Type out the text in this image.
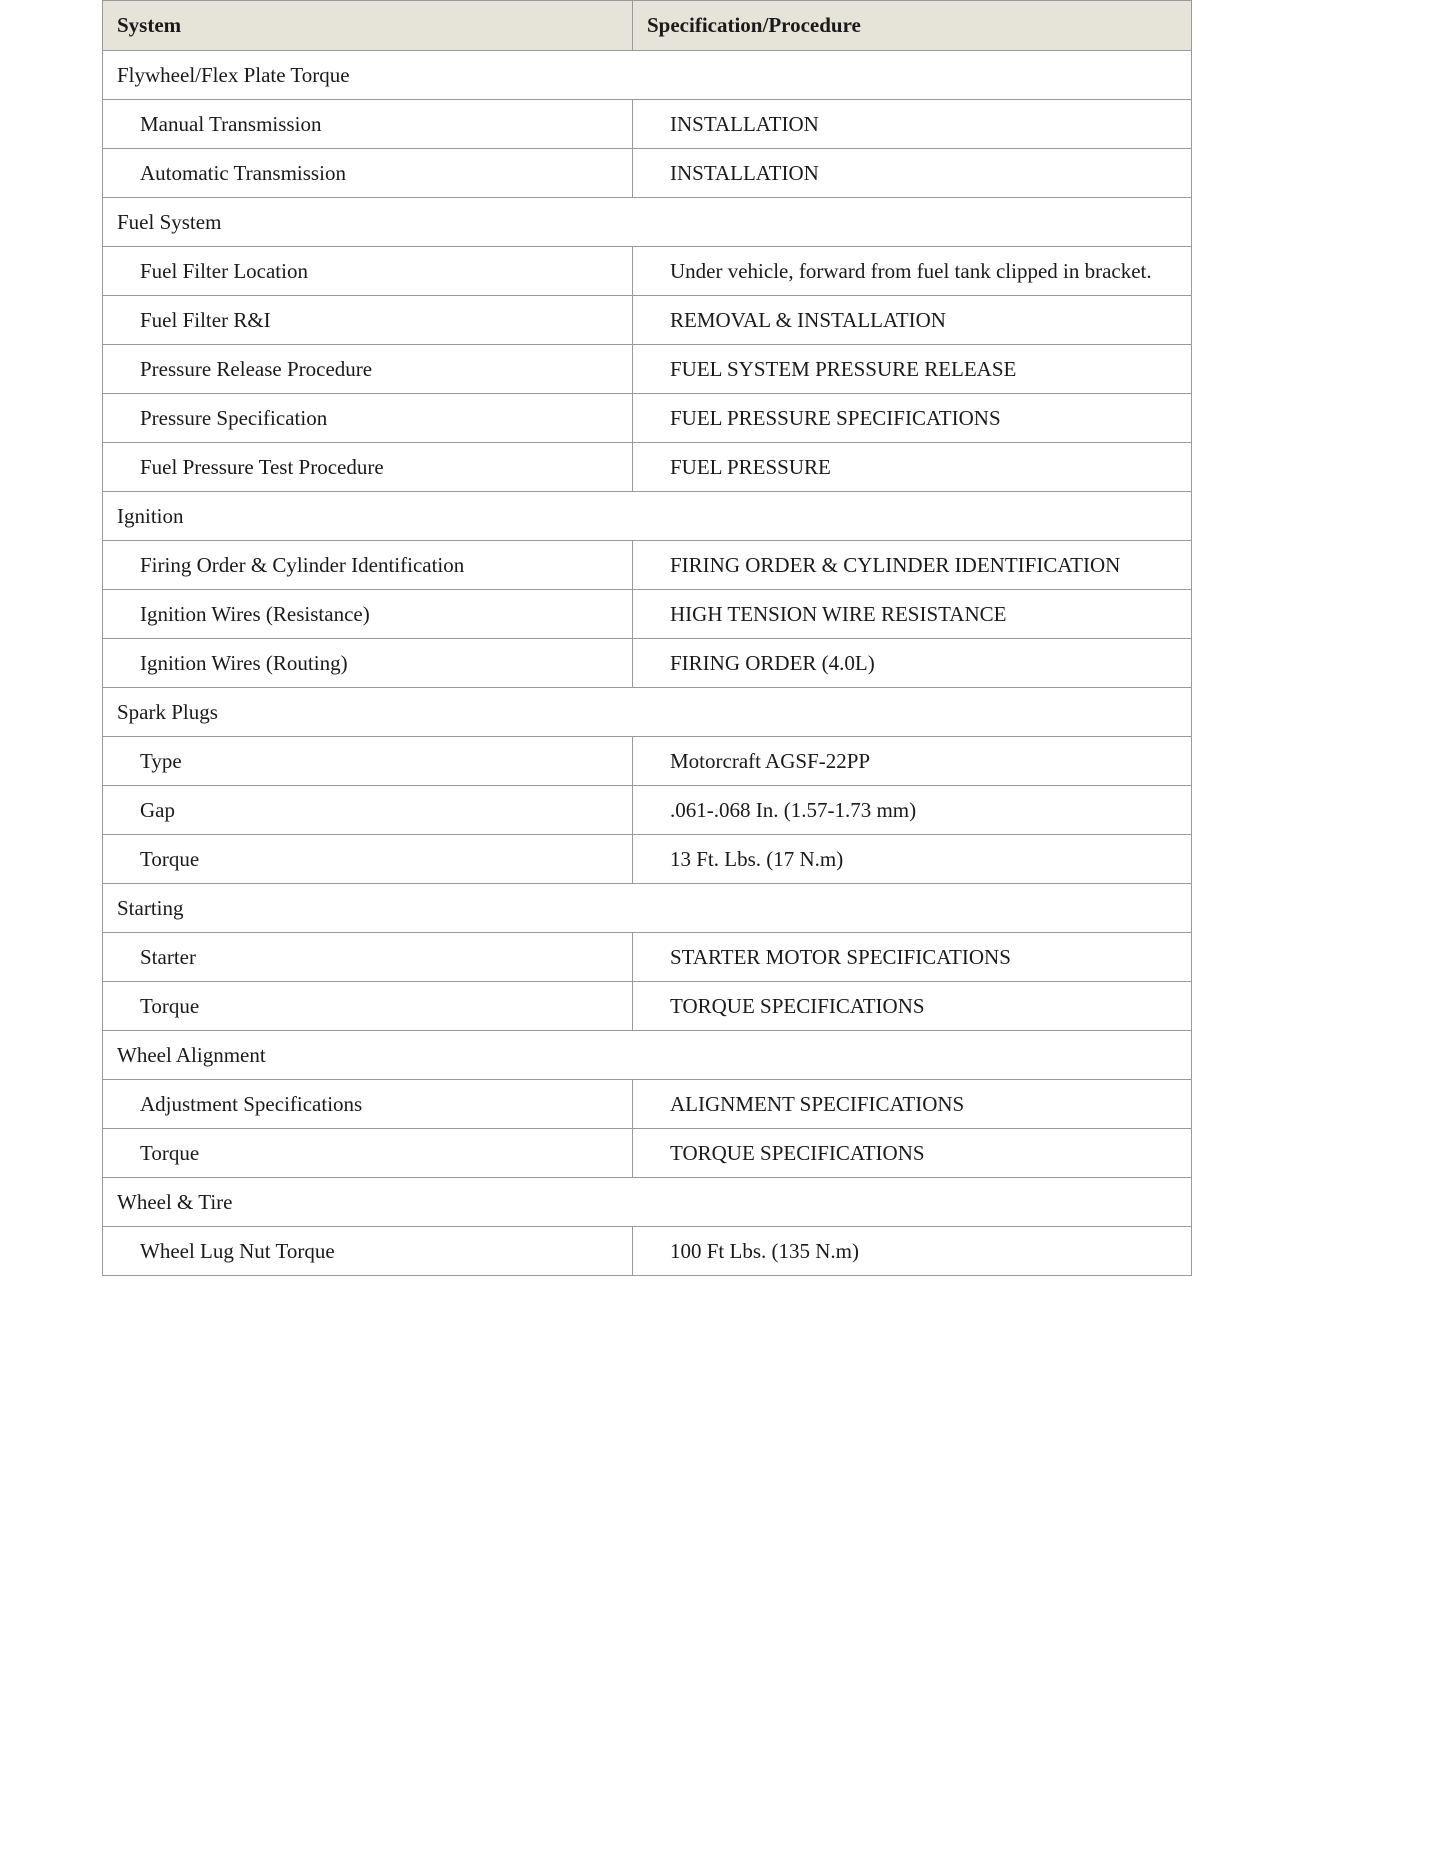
System	Specification/Procedure
Flywheel/Flex Plate Torque	
Manual Transmission	INSTALLATION
Automatic Transmission	INSTALLATION
Fuel System	
Fuel Filter Location	Under vehicle, forward from fuel tank clipped in bracket.
Fuel Filter R&I	REMOVAL & INSTALLATION
Pressure Release Procedure	FUEL SYSTEM PRESSURE RELEASE
Pressure Specification	FUEL PRESSURE SPECIFICATIONS
Fuel Pressure Test Procedure	FUEL PRESSURE
Ignition	
Firing Order & Cylinder Identification	FIRING ORDER & CYLINDER IDENTIFICATION
Ignition Wires (Resistance)	HIGH TENSION WIRE RESISTANCE
Ignition Wires (Routing)	FIRING ORDER (4.0L)
Spark Plugs	
Type	Motorcraft AGSF-22PP
Gap	.061-.068 In. (1.57-1.73 mm)
Torque	13 Ft. Lbs. (17 N.m)
Starting	
Starter	STARTER MOTOR SPECIFICATIONS
Torque	TORQUE SPECIFICATIONS
Wheel Alignment	
Adjustment Specifications	ALIGNMENT SPECIFICATIONS
Torque	TORQUE SPECIFICATIONS
Wheel & Tire	
Wheel Lug Nut Torque	100 Ft Lbs. (135 N.m)
